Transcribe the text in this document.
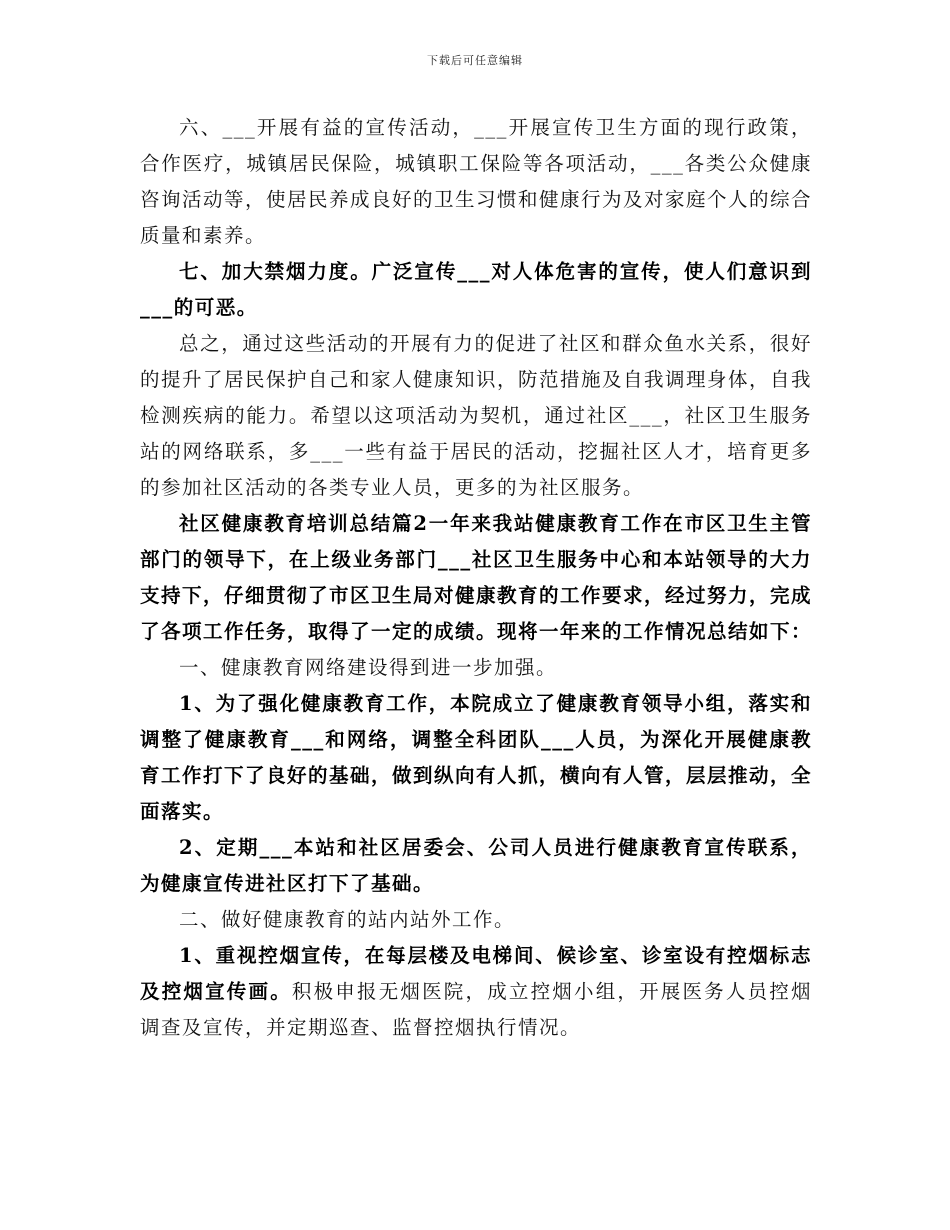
下载后可任意编辑

六、___开展有益的宣传活动，___开展宣传卫生方面的现行政策，合作医疗，城镇居民保险，城镇职工保险等各项活动，___各类公众健康咨询活动等，使居民养成良好的卫生习惯和健康行为及对家庭个人的综合质量和素养。

七、加大禁烟力度。广泛宣传___对人体危害的宣传，使人们意识到___的可恶。

总之，通过这些活动的开展有力的促进了社区和群众鱼水关系，很好的提升了居民保护自己和家人健康知识，防范措施及自我调理身体，自我检测疾病的能力。希望以这项活动为契机，通过社区___，社区卫生服务站的网络联系，多___一些有益于居民的活动，挖掘社区人才，培育更多的参加社区活动的各类专业人员，更多的为社区服务。

社区健康教育培训总结篇2一年来我站健康教育工作在市区卫生主管部门的领导下，在上级业务部门___社区卫生服务中心和本站领导的大力支持下，仔细贯彻了市区卫生局对健康教育的工作要求，经过努力，完成了各项工作任务，取得了一定的成绩。现将一年来的工作情况总结如下：

一、健康教育网络建设得到进一步加强。

1、为了强化健康教育工作，本院成立了健康教育领导小组，落实和调整了健康教育___和网络，调整全科团队___人员，为深化开展健康教育工作打下了良好的基础，做到纵向有人抓，横向有人管，层层推动，全面落实。

2、定期___本站和社区居委会、公司人员进行健康教育宣传联系，为健康宣传进社区打下了基础。

二、做好健康教育的站内站外工作。

1、重视控烟宣传，在每层楼及电梯间、候诊室、诊室设有控烟标志及控烟宣传画。积极申报无烟医院，成立控烟小组，开展医务人员控烟调查及宣传，并定期巡查、监督控烟执行情况。
